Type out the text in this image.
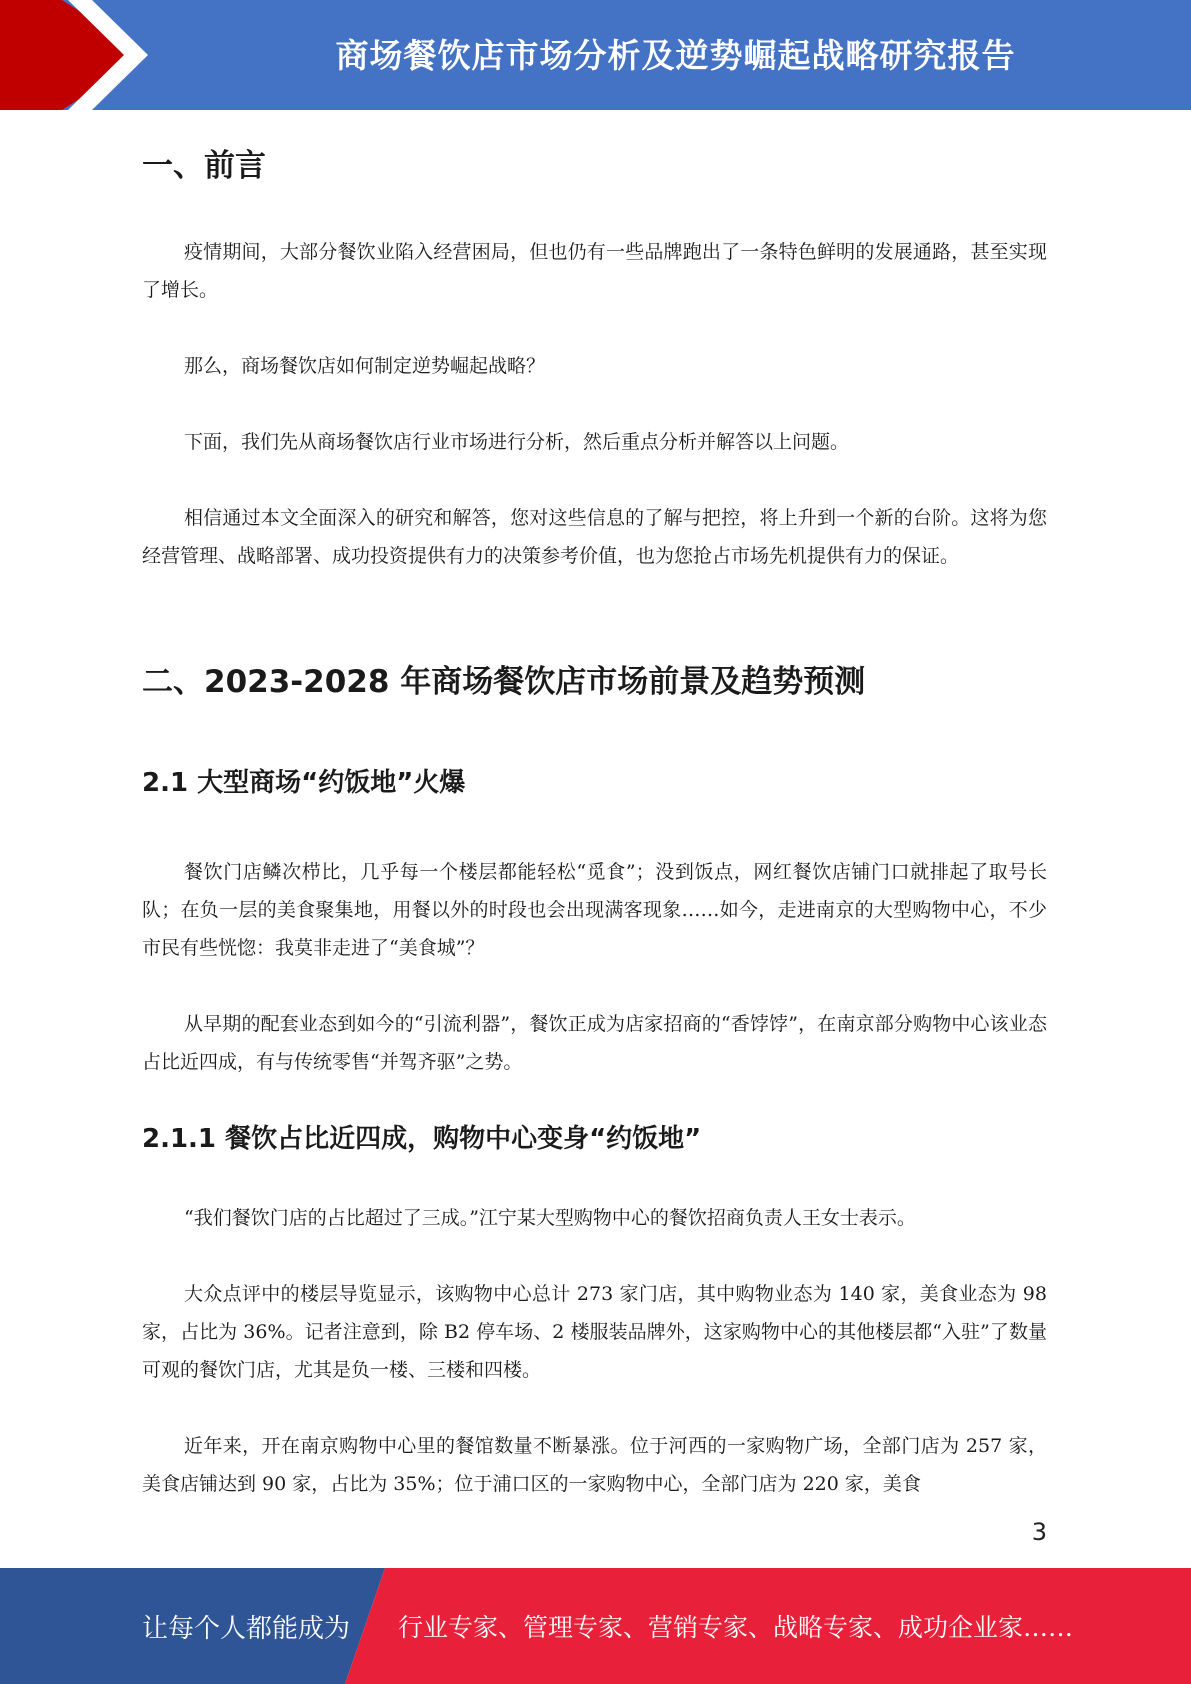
商场餐饮店市场分析及逆势崛起战略研究报告
一、前言

疫情期间，大部分餐饮业陷入经营困局，但也仍有一些品牌跑出了一条特色鲜明的发展通路，甚至实现了增长。

那么，商场餐饮店如何制定逆势崛起战略？

下面，我们先从商场餐饮店行业市场进行分析，然后重点分析并解答以上问题。

相信通过本文全面深入的研究和解答，您对这些信息的了解与把控，将上升到一个新的台阶。这将为您经营管理、战略部署、成功投资提供有力的决策参考价值，也为您抢占市场先机提供有力的保证。

二、2023-2028 年商场餐饮店市场前景及趋势预测
2.1 大型商场“约饭地”火爆

餐饮门店鳞次栉比，几乎每一个楼层都能轻松“觅食”；没到饭点，网红餐饮店铺门口就排起了取号长队；在负一层的美食聚集地，用餐以外的时段也会出现满客现象……如今，走进南京的大型购物中心，不少市民有些恍惚：我莫非走进了“美食城”？

从早期的配套业态到如今的“引流利器”，餐饮正成为店家招商的“香饽饽”，在南京部分购物中心该业态占比近四成，有与传统零售“并驾齐驱”之势。

2.1.1 餐饮占比近四成，购物中心变身“约饭地”

“我们餐饮门店的占比超过了三成。”江宁某大型购物中心的餐饮招商负责人王女士表示。

大众点评中的楼层导览显示，该购物中心总计 273 家门店，其中购物业态为 140 家，美食业态为 98 家，占比为 36%。记者注意到，除 B2 停车场、2 楼服装品牌外，这家购物中心的其他楼层都“入驻”了数量可观的餐饮门店，尤其是负一楼、三楼和四楼。

近年来，开在南京购物中心里的餐馆数量不断暴涨。位于河西的一家购物广场，全部门店为 257 家，美食店铺达到 90 家，占比为 35%；位于浦口区的一家购物中心，全部门店为 220 家，美食

3
让每个人都能成为 行业专家、管理专家、营销专家、战略专家、成功企业家……
